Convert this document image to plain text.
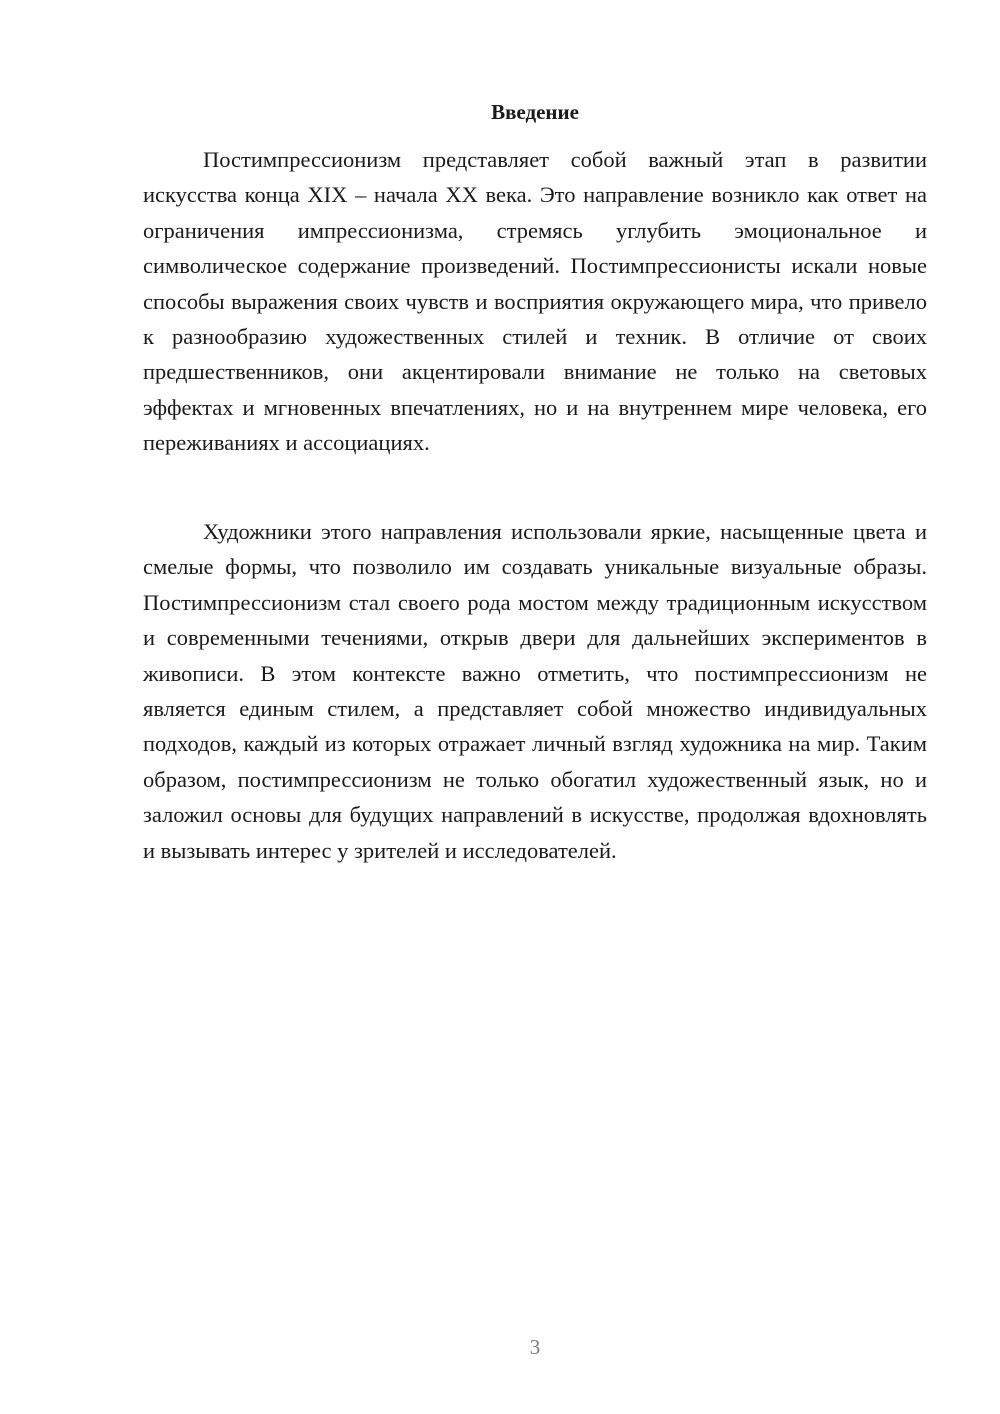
Введение

Постимпрессионизм представляет собой важный этап в развитии искусства конца XIX – начала XX века. Это направление возникло как ответ на ограничения импрессионизма, стремясь углубить эмоциональное и символическое содержание произведений. Постимпрессионисты искали новые способы выражения своих чувств и восприятия окружающего мира, что привело к разнообразию художественных стилей и техник. В отличие от своих предшественников, они акцентировали внимание не только на световых эффектах и мгновенных впечатлениях, но и на внутреннем мире человека, его переживаниях и ассоциациях.

Художники этого направления использовали яркие, насыщенные цвета и смелые формы, что позволило им создавать уникальные визуальные образы. Постимпрессионизм стал своего рода мостом между традиционным искусством и современными течениями, открыв двери для дальнейших экспериментов в живописи. В этом контексте важно отметить, что постимпрессионизм не является единым стилем, а представляет собой множество индивидуальных подходов, каждый из которых отражает личный взгляд художника на мир. Таким образом, постимпрессионизм не только обогатил художественный язык, но и заложил основы для будущих направлений в искусстве, продолжая вдохновлять и вызывать интерес у зрителей и исследователей.

3
